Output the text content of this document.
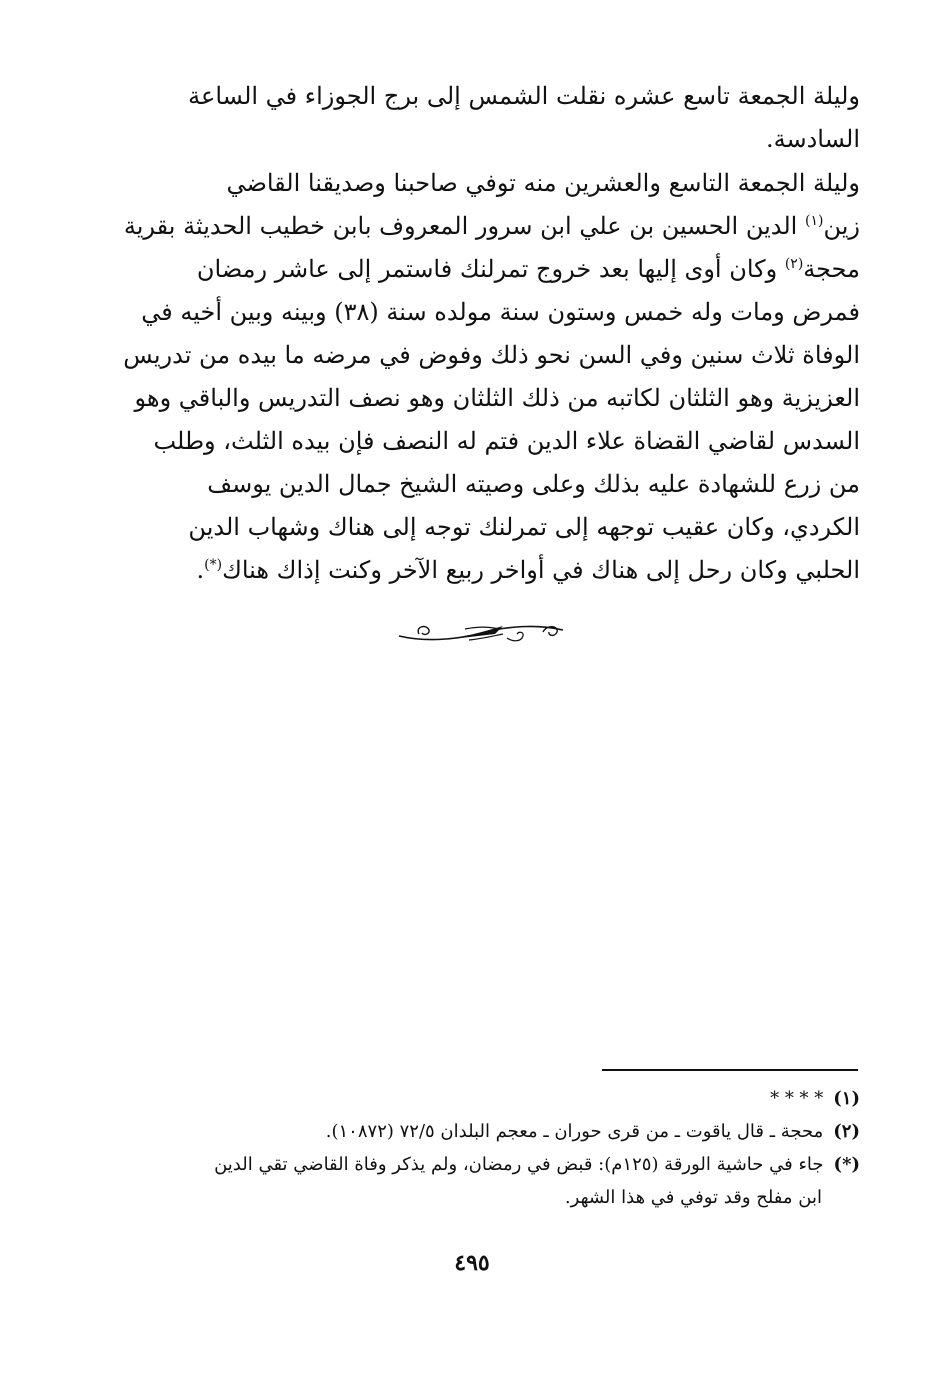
وليلة الجمعة تاسع عشره نقلت الشمس إلى برج الجوزاء في الساعة
السادسة.
وليلة الجمعة التاسع والعشرين منه توفي صاحبنا وصديقنا القاضي
زين$^{(١)}$ الدين الحسين بن علي ابن سرور المعروف بابن خطيب الحديثة بقرية
محجة$^{(٢)}$ وكان أوى إليها بعد خروج تمرلنك فاستمر إلى عاشر رمضان
فمرض ومات وله خمس وستون سنة مولده سنة (٣٨) وبينه وبين أخيه في
الوفاة ثلاث سنين وفي السن نحو ذلك وفوض في مرضه ما بيده من تدريس
العزيزية وهو الثلثان لكاتبه من ذلك الثلثان وهو نصف التدريس والباقي وهو
السدس لقاضي القضاة علاء الدين فتم له النصف فإن بيده الثلث، وطلب
من زرع للشهادة عليه بذلك وعلى وصيته الشيخ جمال الدين يوسف
الكردي، وكان عقيب توجهه إلى تمرلنك توجه إلى هناك وشهاب الدين
الحلبي وكان رحل إلى هناك في أواخر ربيع الآخر وكنت إذاك هناك(*).
(١)* * * *
(٢)محجة ـ قال ياقوت ـ من قرى حوران ـ معجم البلدان ٧٢/٥ (١٠٨٧٢).
(*)جاء في حاشية الورقة (١٢٥م): قبض في رمضان، ولم يذكر وفاة القاضي تقي الدين
ابن مفلح وقد توفي في هذا الشهر.
٤٩٥
